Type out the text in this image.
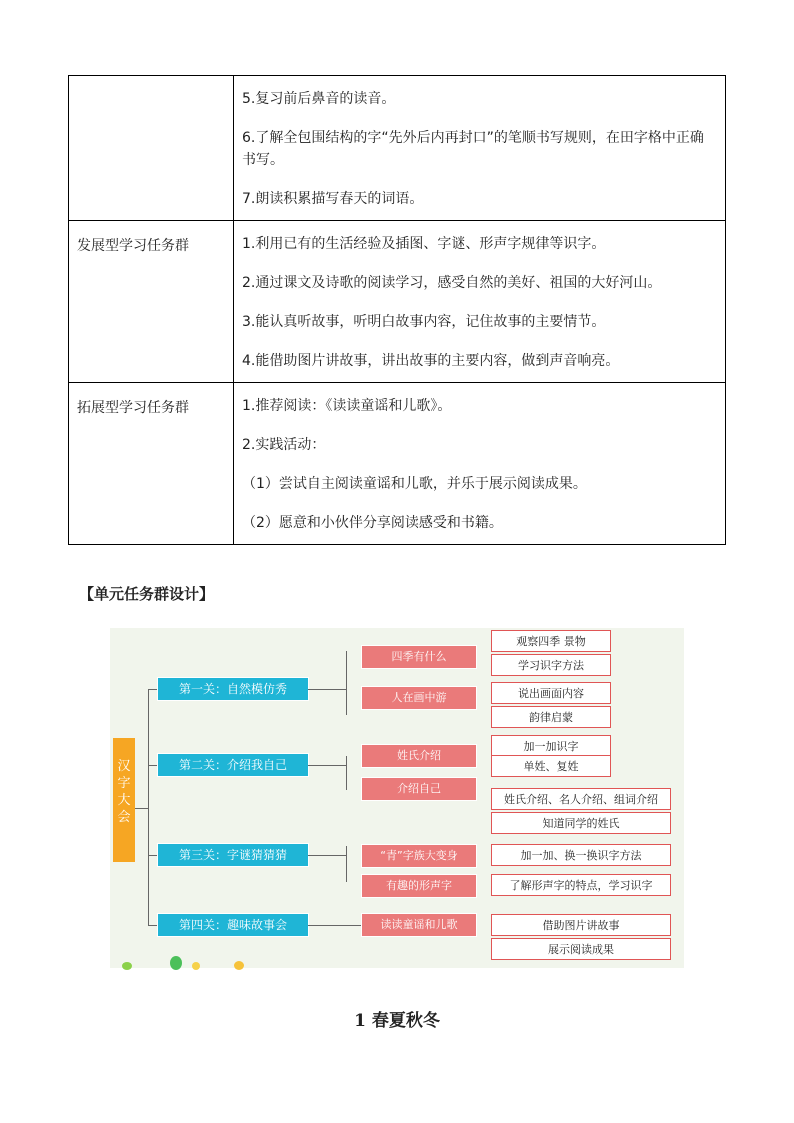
	5.复习前后鼻音的读音。
6.了解全包围结构的字“先外后内再封口”的笔顺书写规则，在田字格中正确书写。
7.朗读积累描写春天的词语。

发展型学习任务群	1.利用已有的生活经验及插图、字谜、形声字规律等识字。
2.通过课文及诗歌的阅读学习，感受自然的美好、祖国的大好河山。
3.能认真听故事，听明白故事内容，记住故事的主要情节。
4.能借助图片讲故事，讲出故事的主要内容，做到声音响亮。

拓展型学习任务群	1.推荐阅读：《读读童谣和儿歌》。
2.实践活动：
（1）尝试自主阅读童谣和儿歌，并乐于展示阅读成果。
（2）愿意和小伙伴分享阅读感受和书籍。
【单元任务群设计】
汉字大会
第一关：自然模仿秀
四季有什么
人在画中游
观察四季 景物
学习识字方法
说出画面内容
韵律启蒙
第二关：介绍我自己
姓氏介绍
介绍自己
加一加识字
单姓、复姓
姓氏介绍、名人介绍、组词介绍
知道同学的姓氏
第三关：字谜猜猜猜	“青”字族大变身
有趣的形声字
加一加、换一换识字方法
了解形声字的特点，学习识字
第四关：趣味故事会	读读童谣和儿歌	借助图片讲故事
展示阅读成果
1 春夏秋冬
